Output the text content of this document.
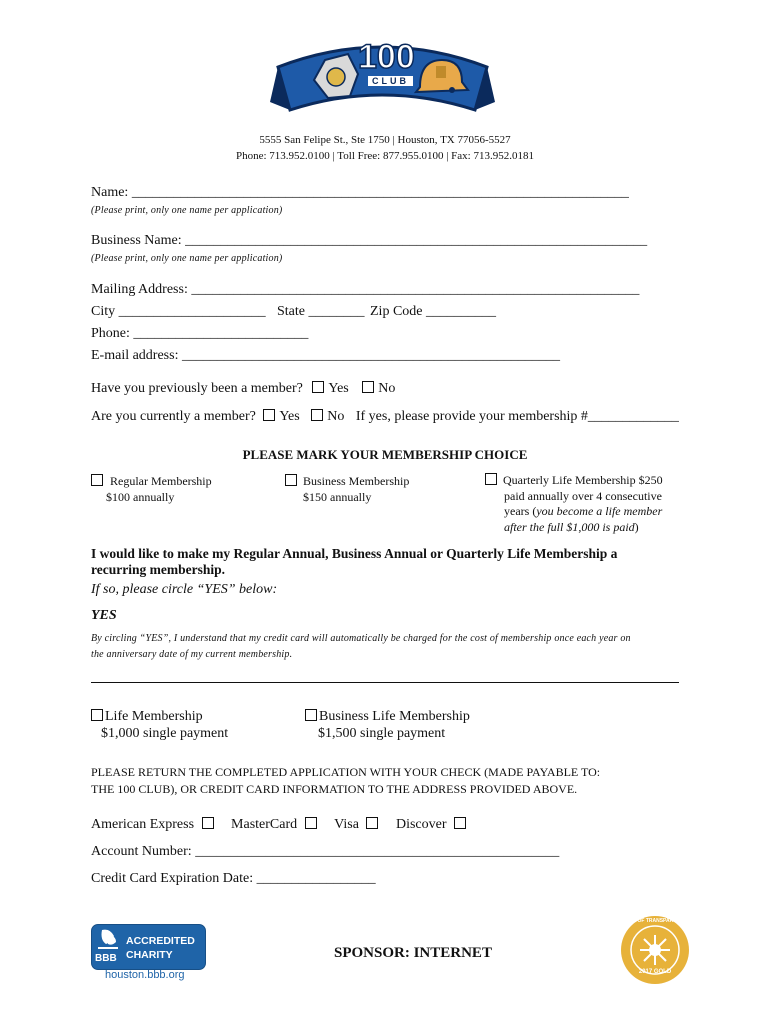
100
CLUB
5555 San Felipe St., Ste 1750 | Houston, TX 77056-5527
Phone: 713.952.0100 | Toll Free: 877.955.0100 | Fax: 713.952.0181
Name: _______________________________________________________________________
(Please print, only one name per application)
Business Name: __________________________________________________________________
(Please print, only one name per application)
Mailing Address: ________________________________________________________________
City _____________________ State ________ Zip Code __________
Phone: _________________________
E-mail address: ______________________________________________________
Have you previously been a member? Yes No
Are you currently a member? Yes No If yes, please provide your membership #_____________
PLEASE MARK YOUR MEMBERSHIP CHOICE
Regular Membership
$100 annually
Business Membership
$150 annually
Quarterly Life Membership $250
paid annually over 4 consecutive
years (you become a life member
after the full $1,000 is paid)
I would like to make my Regular Annual, Business Annual or Quarterly Life Membership a
recurring membership.
If so, please circle “YES” below:
YES
By circling “YES”, I understand that my credit card will automatically be charged for the cost of membership once each year on
the anniversary date of my current membership.
Life Membership
$1,000 single payment
Business Life Membership
$1,500 single payment
PLEASE RETURN THE COMPLETED APPLICATION WITH YOUR CHECK (MADE PAYABLE TO:
THE 100 CLUB), OR CREDIT CARD INFORMATION TO THE ADDRESS PROVIDED ABOVE.
American Express	MasterCard	Visa	Discover
Account Number: ____________________________________________________
Credit Card Expiration Date: _________________
BBB
ACCREDITED
CHARITY
houston.bbb.org
SPONSOR: INTERNET
SEAL OF TRANSPARENCY
2017 GOLD
